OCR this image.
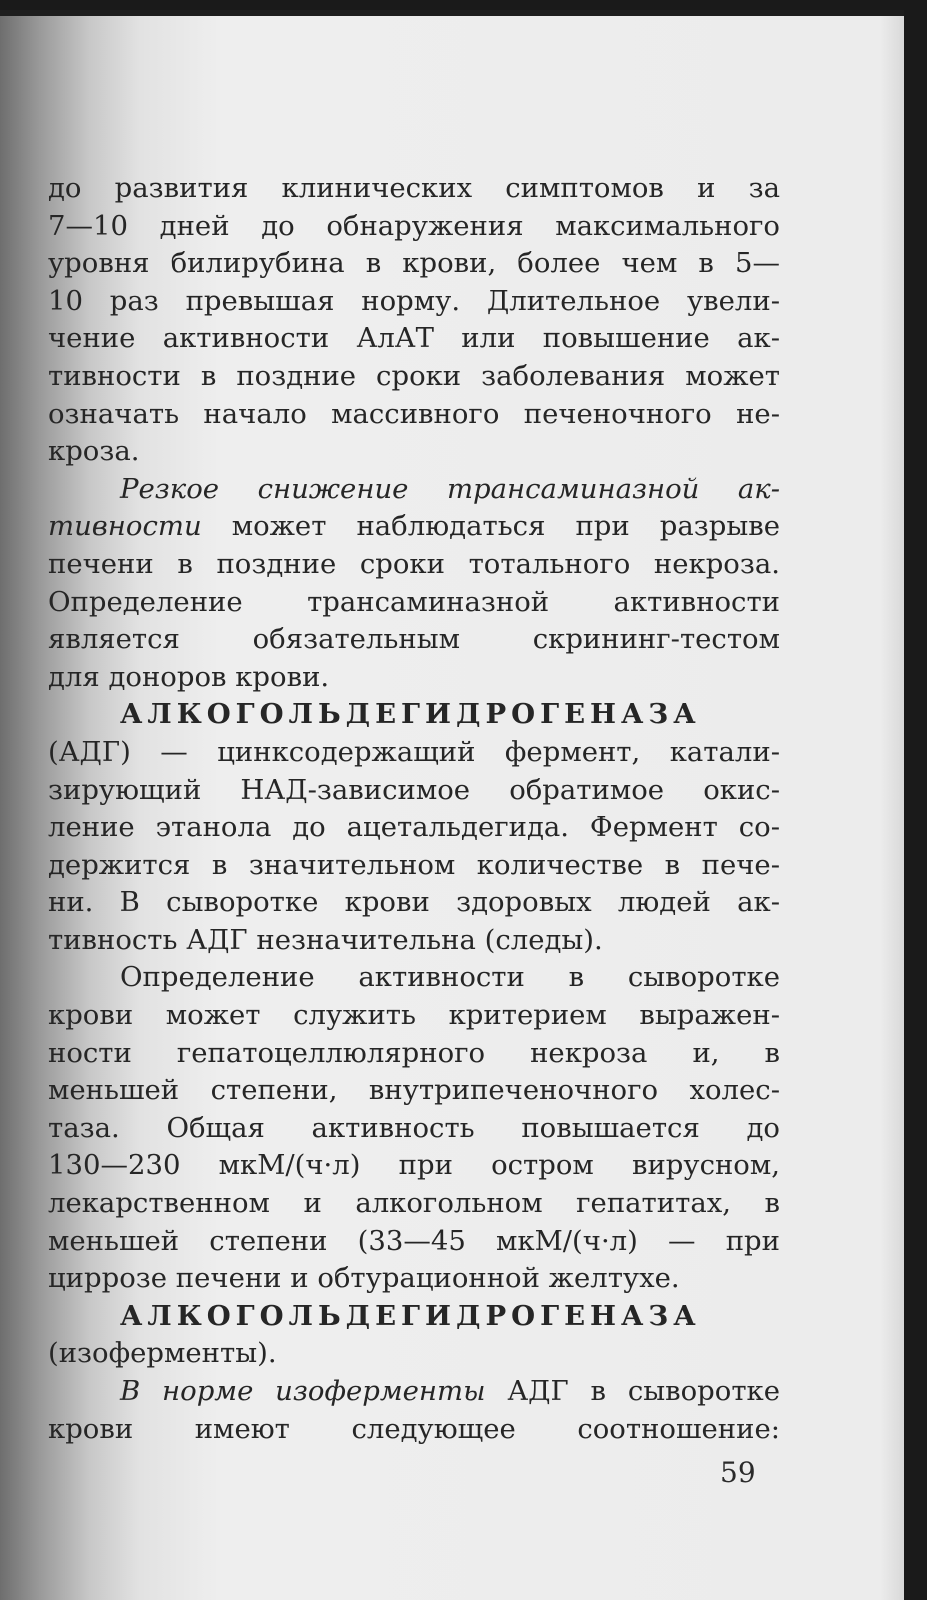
до развития клинических симптомов и за
7—10 дней до обнаружения максимального
уровня билирубина в крови, более чем в 5—
10 раз превышая норму. Длительное увели-
чение активности АлАТ или повышение ак-
тивности в поздние сроки заболевания может
означать начало массивного печеночного не-
кроза.

Резкое снижение трансаминазной ак-
тивности может наблюдаться при разрыве
печени в поздние сроки тотального некроза.
Определение трансаминазной активности
является обязательным скрининг-тестом
для доноров крови.

АЛКОГОЛЬДЕГИДРОГЕНАЗА
(АДГ) — цинксодержащий фермент, катали-
зирующий НАД-зависимое обратимое окис-
ление этанола до ацетальдегида. Фермент со-
держится в значительном количестве в пече-
ни. В сыворотке крови здоровых людей ак-
тивность АДГ незначительна (следы).

Определение активности в сыворотке
крови может служить критерием выражен-
ности гепатоцеллюлярного некроза и, в
меньшей степени, внутрипеченочного холес-
таза. Общая активность повышается до
130—230 мкМ/(ч·л) при остром вирусном,
лекарственном и алкогольном гепатитах, в
меньшей степени (33—45 мкМ/(ч·л) — при
циррозе печени и обтурационной желтухе.

АЛКОГОЛЬДЕГИДРОГЕНАЗА
(изоферменты).

В норме изоферменты АДГ в сыворотке
крови имеют следующее соотношение:

59
